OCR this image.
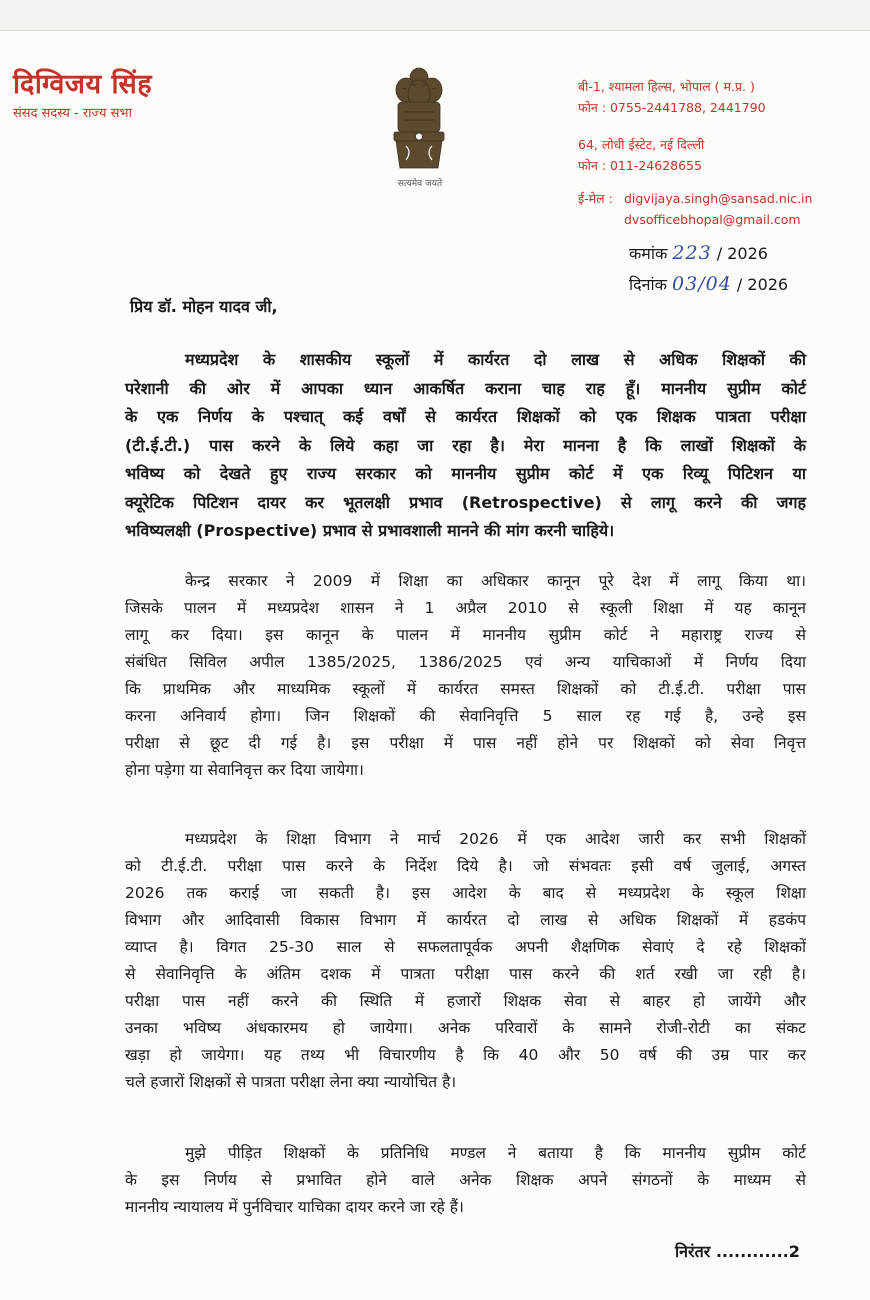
दिग्विजय सिंह
संसद सदस्य - राज्य सभा
सत्यमेव जयते
बी-1, श्यामला हिल्स, भोपाल ( म.प्र. )
फोन : 0755-2441788, 2441790
64, लोधी ईस्टेट, नई दिल्ली
फोन : 011-24628655
ई-मेल : digvijaya.singh@sansad.nic.in
dvsofficebhopal@gmail.com
कमांक 223 / 2026
दिनांक 03/04 / 2026
प्रिय डॉ. मोहन यादव जी,
मध्यप्रदेश के शासकीय स्कूलों में कार्यरत दो लाख से अधिक शिक्षकों की
परेशानी की ओर में आपका ध्यान आकर्षित कराना चाह राह हूँ। माननीय सुप्रीम कोर्ट
के एक निर्णय के पश्चात् कई वर्षों से कार्यरत शिक्षकों को एक शिक्षक पात्रता परीक्षा
(टी.ई.टी.) पास करने के लिये कहा जा रहा है। मेरा मानना है कि लाखों शिक्षकों के
भविष्य को देखते हुए राज्य सरकार को माननीय सुप्रीम कोर्ट में एक रिव्यू पिटिशन या
क्यूरेटिक पिटिशन दायर कर भूतलक्षी प्रभाव (Retrospective) से लागू करने की जगह
भविष्यलक्षी (Prospective) प्रभाव से प्रभावशाली मानने की मांग करनी चाहिये।
केन्द्र सरकार ने 2009 में शिक्षा का अधिकार कानून पूरे देश में लागू किया था।
जिसके पालन में मध्यप्रदेश शासन ने 1 अप्रैल 2010 से स्कूली शिक्षा में यह कानून
लागू कर दिया। इस कानून के पालन में माननीय सुप्रीम कोर्ट ने महाराष्ट्र राज्य से
संबंधित सिविल अपील 1385/2025, 1386/2025 एवं अन्य याचिकाओं में निर्णय दिया
कि प्राथमिक और माध्यमिक स्कूलों में कार्यरत समस्त शिक्षकों को टी.ई.टी. परीक्षा पास
करना अनिवार्य होगा। जिन शिक्षकों की सेवानिवृत्ति 5 साल रह गई है, उन्हे इस
परीक्षा से छूट दी गई है। इस परीक्षा में पास नहीं होने पर शिक्षकों को सेवा निवृत्त
होना पड़ेगा या सेवानिवृत्त कर दिया जायेगा।
मध्यप्रदेश के शिक्षा विभाग ने मार्च 2026 में एक आदेश जारी कर सभी शिक्षकों
को टी.ई.टी. परीक्षा पास करने के निर्देश दिये है। जो संभवतः इसी वर्ष जुलाई, अगस्त
2026 तक कराई जा सकती है। इस आदेश के बाद से मध्यप्रदेश के स्कूल शिक्षा
विभाग और आदिवासी विकास विभाग में कार्यरत दो लाख से अधिक शिक्षकों में हडकंप
व्याप्त है। विगत 25-30 साल से सफलतापूर्वक अपनी शैक्षणिक सेवाएं दे रहे शिक्षकों
से सेवानिवृत्ति के अंतिम दशक में पात्रता परीक्षा पास करने की शर्त रखी जा रही है।
परीक्षा पास नहीं करने की स्थिति में हजारों शिक्षक सेवा से बाहर हो जायेंगे और
उनका भविष्य अंधकारमय हो जायेगा। अनेक परिवारों के सामने रोजी-रोटी का संकट
खड़ा हो जायेगा। यह तथ्य भी विचारणीय है कि 40 और 50 वर्ष की उम्र पार कर
चले हजारों शिक्षकों से पात्रता परीक्षा लेना क्या न्यायोचित है।
मुझे पीड़ित शिक्षकों के प्रतिनिधि मण्डल ने बताया है कि माननीय सुप्रीम कोर्ट
के इस निर्णय से प्रभावित होने वाले अनेक शिक्षक अपने संगठनों के माध्यम से
माननीय न्यायालय में पुर्नविचार याचिका दायर करने जा रहे हैं।
निरंतर ............2
